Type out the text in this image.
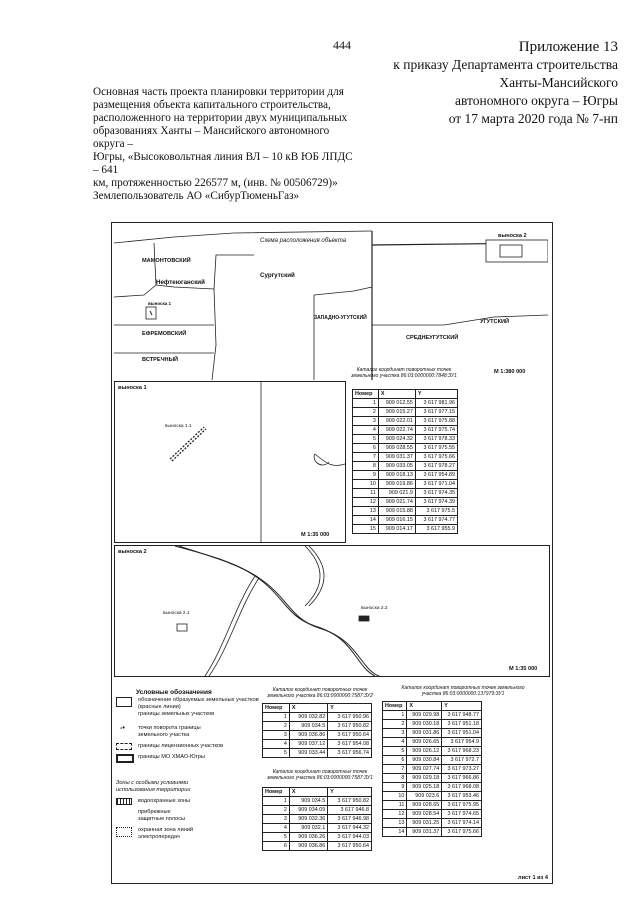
444	Приложение 13
к приказу Департамента строительства
Ханты-Мансийского
автономного округа – Югры
от 17 марта 2020 года № 7-нп
Основная часть проекта планировки территории для
размещения объекта капитального строительства,
расположенного на территории двух муниципальных
образованиях Ханты – Мансийского автономного округа –
Югры, «Высоковольтная линия ВЛ – 10 кВ ЮБ ЛПДС – 641
км, протяженностью 226577 м, (инв. № 00506729)»
Землепользователь АО «СибурТюменьГаз»
Схема расположения объекта
выноска 2
МАМОНТОВСКИЙ
Нефтеюганский
Сургутский
выноска 1
ЕФРЕМОВСКИЙ
ВСТРЕЧНЫЙ
ЗАПАДНО-УГУТСКИЙ
УГУТСКИЙ
СРЕДНЕУГУТСКИЙ
М 1:380 000
выноска 1
выноска 1.1
М 1:35 000
Каталог координат поворотных точек земельного участка 86:03:0000000:7848:ЗУ1
Номер	X	Y
1	909 012.55	3 617 981.96
2	909 015.27	3 617 977.15
3	909 022.01	3 617 975.88
4	909 022.74	3 617 975.74
5	909 024.32	3 617 978.33
6	909 028.55	3 617 975.55
7	909 031.37	3 617 975.66
8	909 033.05	3 617 978.27
9	909 018.13	3 617 954.89
10	909 019.86	3 617 971.04
11	909 021.9	3 617 974.35
12	909 021.74	3 617 974.39
13	909 015.88	3 617 975.5
14	909 016.15	3 617 974.77
15	909 014.17	3 617 955.9
выноска 2
выноска 2.1
выноска 2.2
М 1:35 000
Условные обозначения
обозначение образуемых земельных участков (красные линии)
границы земельных участков
-• точки поворота границы земельного участка
границы лицензионных участков
границы МО ХМАО-Югры
Зоны с особыми условиями использования территории
водоохранные зоны
прибрежные защитные полосы
охранная зона линий электропередач
Каталог координат поворотных точек земельного участка 86:03:0000000:7587:ЗУ2
Номер	X	Y
1	909 032.82	3 617 950.96
2	909 034.5	3 617 950.82
3	909 036.86	3 617 950.64
4	909 037.12	3 617 954.08
5	909 033.44	3 617 956.74
Каталог координат поворотных точек земельного участка 86:03:0000000:7587:ЗУ1
Номер	X	Y
1	909 034.5	3 617 950.82
2	909 034.09	3 617 946.8
3	909 032.36	3 617 946.98
4	909 032.1	3 617 944.32
5	909 036.26	3 617 944.03
6	909 036.86	3 617 950.64
Каталог координат поворотных точек земельного участка 86:03:0000000:137979:ЗУ1
Номер	X	Y
1	909 029.98	3 617 948.77
2	909 030.18	3 617 951.18
3	909 031.86	3 617 951.04
4	909 026.65	3 617 954.9
5	909 026.12	3 617 968.23
6	909 030.84	3 617 972.7
7	909 027.74	3 617 973.27
8	909 029.18	3 617 966.86
9	909 025.18	3 617 968.08
10	909 023.6	3 617 953.46
11	909 028.65	3 617 975.95
12	909 028.54	3 617 974.65
13	909 031.25	3 617 974.14
14	909 031.37	3 617 975.66
лист 1 из 4
